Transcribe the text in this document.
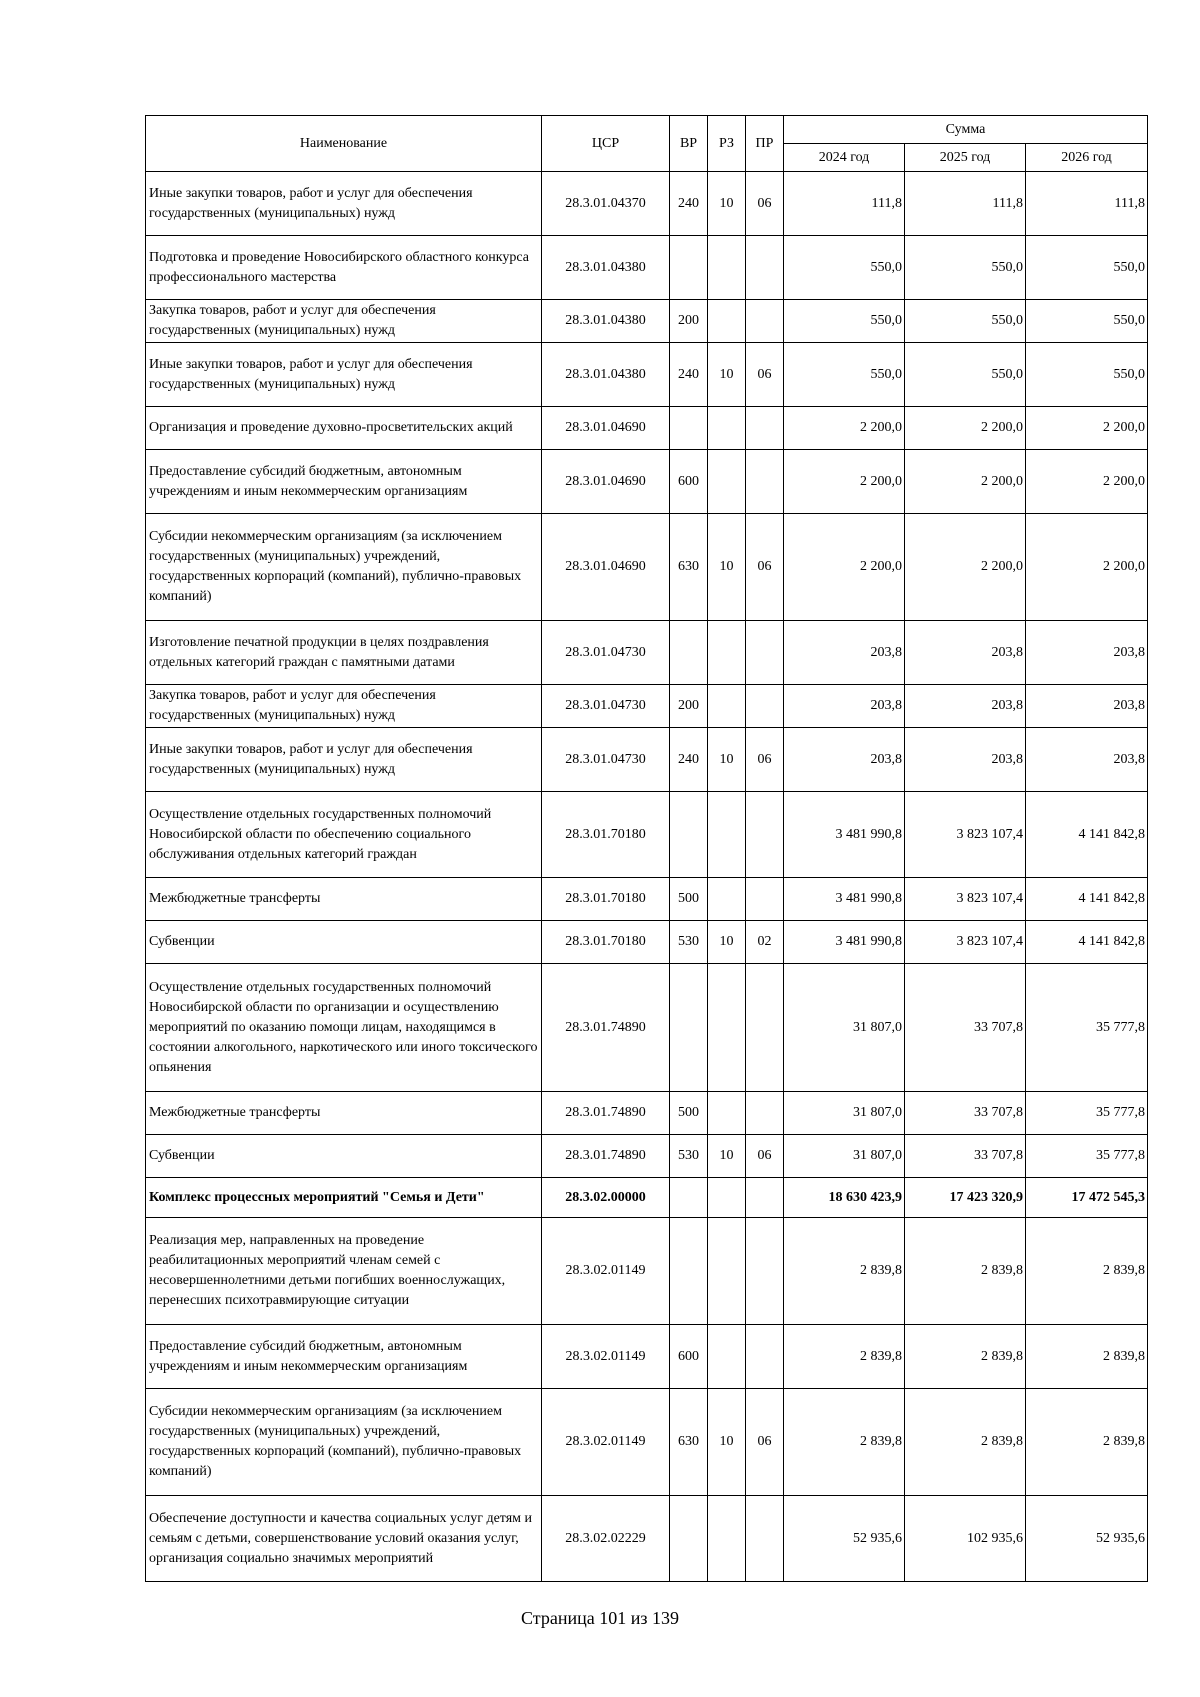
Наименование	ЦСР	ВР	РЗ	ПР	Сумма		
					2024 год	2025 год	2026 год
Иные закупки товаров, работ и услуг для обеспечения государственных (муниципальных) нужд	28.3.01.04370	240	10	06	111,8	111,8	111,8
Подготовка и проведение Новосибирского областного конкурса профессионального мастерства	28.3.01.04380				550,0	550,0	550,0
Закупка товаров, работ и услуг для обеспечения государственных (муниципальных) нужд	28.3.01.04380	200			550,0	550,0	550,0
Иные закупки товаров, работ и услуг для обеспечения государственных (муниципальных) нужд	28.3.01.04380	240	10	06	550,0	550,0	550,0
Организация и проведение духовно-просветительских акций	28.3.01.04690				2 200,0	2 200,0	2 200,0
Предоставление субсидий бюджетным, автономным учреждениям и иным некоммерческим организациям	28.3.01.04690	600			2 200,0	2 200,0	2 200,0
Субсидии некоммерческим организациям (за исключением государственных (муниципальных) учреждений, государственных корпораций (компаний), публично-правовых компаний)	28.3.01.04690	630	10	06	2 200,0	2 200,0	2 200,0
Изготовление печатной продукции в целях поздравления отдельных категорий граждан с памятными датами	28.3.01.04730				203,8	203,8	203,8
Закупка товаров, работ и услуг для обеспечения государственных (муниципальных) нужд	28.3.01.04730	200			203,8	203,8	203,8
Иные закупки товаров, работ и услуг для обеспечения государственных (муниципальных) нужд	28.3.01.04730	240	10	06	203,8	203,8	203,8
Осуществление отдельных государственных полномочий Новосибирской области по обеспечению социального обслуживания отдельных категорий граждан	28.3.01.70180				3 481 990,8	3 823 107,4	4 141 842,8
Межбюджетные трансферты	28.3.01.70180	500			3 481 990,8	3 823 107,4	4 141 842,8
Субвенции	28.3.01.70180	530	10	02	3 481 990,8	3 823 107,4	4 141 842,8
Осуществление отдельных государственных полномочий Новосибирской области по организации и осуществлению мероприятий по оказанию помощи лицам, находящимся в состоянии алкогольного, наркотического или иного токсического опьянения	28.3.01.74890				31 807,0	33 707,8	35 777,8
Межбюджетные трансферты	28.3.01.74890	500			31 807,0	33 707,8	35 777,8
Субвенции	28.3.01.74890	530	10	06	31 807,0	33 707,8	35 777,8
Комплекс процессных мероприятий "Семья и Дети"	28.3.02.00000				18 630 423,9	17 423 320,9	17 472 545,3
Реализация мер, направленных на проведение реабилитационных мероприятий членам семей с несовершеннолетними детьми погибших военнослужащих, перенесших психотравмирующие ситуации	28.3.02.01149				2 839,8	2 839,8	2 839,8
Предоставление субсидий бюджетным, автономным учреждениям и иным некоммерческим организациям	28.3.02.01149	600			2 839,8	2 839,8	2 839,8
Субсидии некоммерческим организациям (за исключением государственных (муниципальных) учреждений, государственных корпораций (компаний), публично-правовых компаний)	28.3.02.01149	630	10	06	2 839,8	2 839,8	2 839,8
Обеспечение доступности и качества социальных услуг детям и семьям с детьми, совершенствование условий оказания услуг, организация социально значимых мероприятий	28.3.02.02229				52 935,6	102 935,6	52 935,6
Страница 101 из 139
